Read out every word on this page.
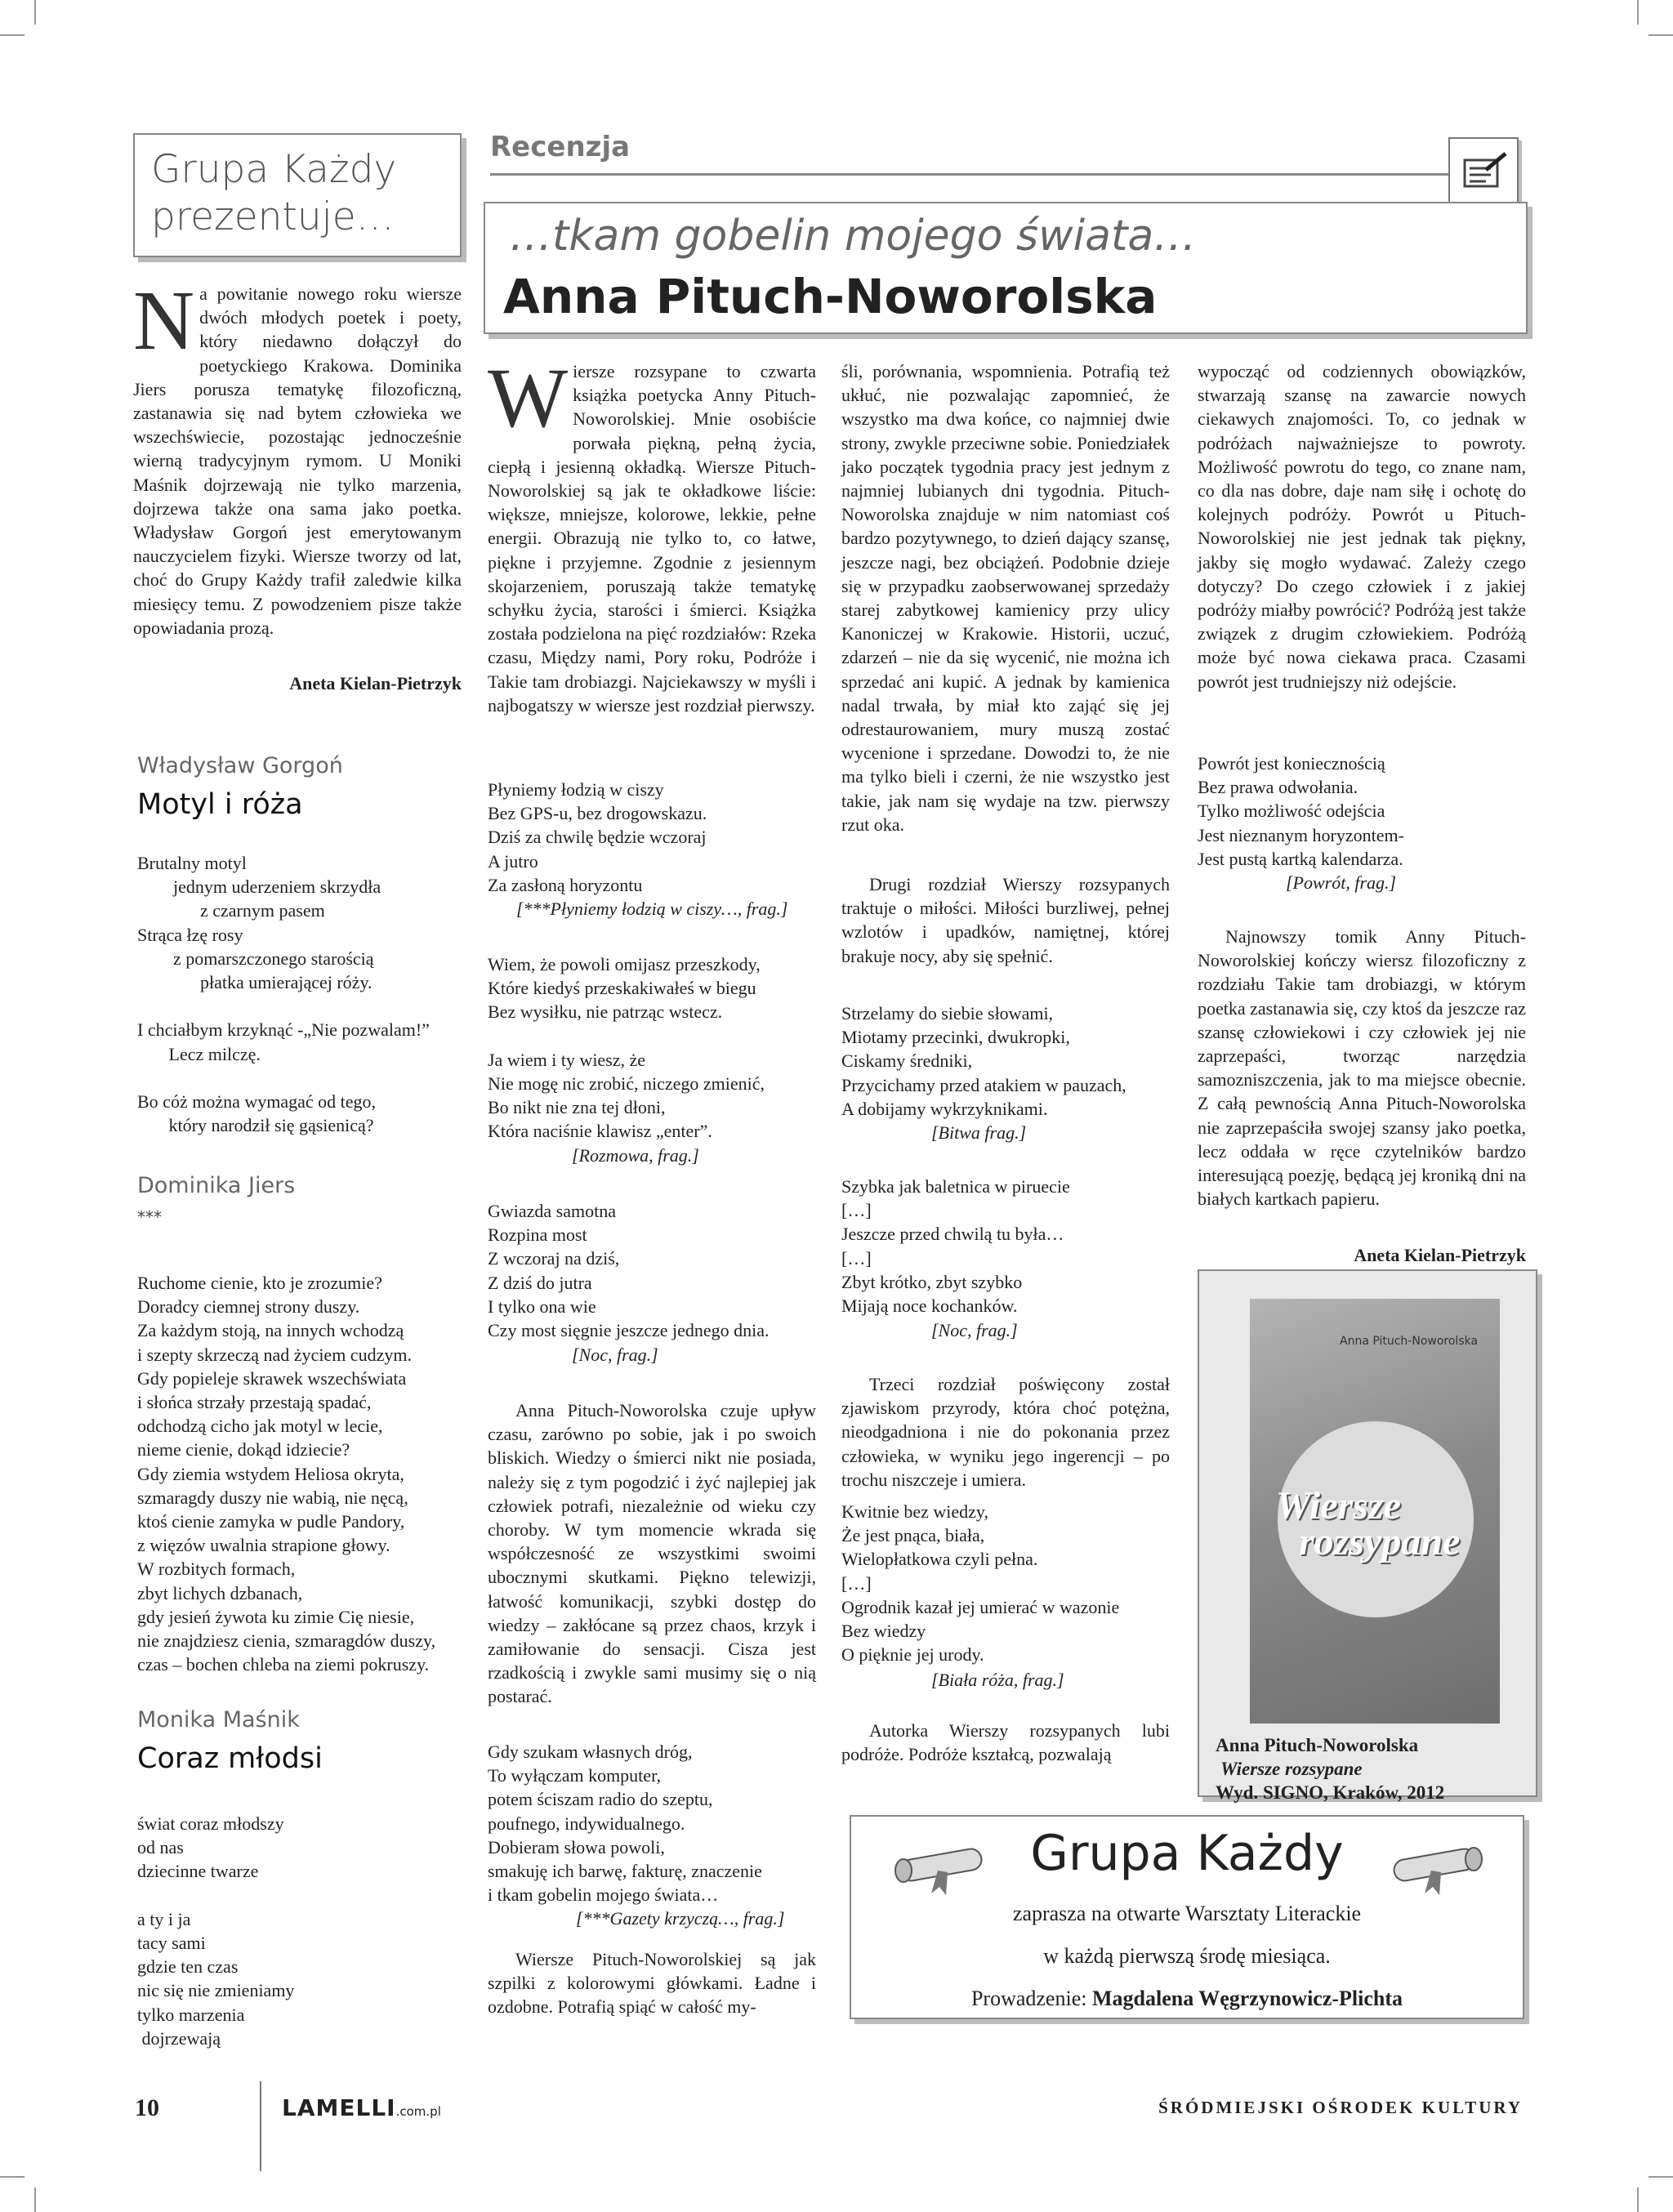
Grupa Każdy prezentuje…
N a powitanie nowego roku wiersze dwóch młodych poetek i poety, który niedawno dołączył do poetyckiego Krakowa. Dominika Jiers porusza tematykę filozoficzną, zastanawia się nad bytem człowieka we wszechświecie, pozostając jednocześnie wierną tradycyjnym rymom. U Moniki Maśnik dojrzewają nie tylko marzenia, dojrzewa także ona sama jako poetka. Władysław Gorgoń jest emerytowanym nauczycielem fizyki. Wiersze tworzy od lat, choć do Grupy Każdy trafił zaledwie kilka miesięcy temu. Z powodzeniem pisze także opowiadania prozą.
Aneta Kielan-Pietrzyk
Władysław Gorgoń
Motyl i róża
Brutalny motyl
jednym uderzeniem skrzydła
z czarnym pasem
Strąca łzę rosy
z pomarszczonego starością
płatka umierającej róży.

I chciałbym krzyknąć -„Nie pozwalam!”
Lecz milczę.

Bo cóż można wymagać od tego,
który narodził się gąsienicą?
Dominika Jiers
***
Ruchome cienie, kto je zrozumie?
Doradcy ciemnej strony duszy.
Za każdym stoją, na innych wchodzą
i szepty skrzeczą nad życiem cudzym.
Gdy popieleje skrawek wszechświata
i słońca strzały przestają spadać,
odchodzą cicho jak motyl w lecie,
nieme cienie, dokąd idziecie?
Gdy ziemia wstydem Heliosa okryta,
szmaragdy duszy nie wabią, nie nęcą,
ktoś cienie zamyka w pudle Pandory,
z więzów uwalnia strapione głowy.
W rozbitych formach,
zbyt lichych dzbanach,
gdy jesień żywota ku zimie Cię niesie,
nie znajdziesz cienia, szmaragdów duszy,
czas – bochen chleba na ziemi pokruszy.
Monika Maśnik
Coraz młodsi
świat coraz młodszy
od nas
dziecinne twarze

a ty i ja
tacy sami
gdzie ten czas
nic się nie zmieniamy
tylko marzenia
dojrzewają
Recenzja
…tkam gobelin mojego świata…
Anna Pituch-Noworolska
W iersze rozsypane to czwarta książka poetycka Anny Pituch-Noworolskiej. Mnie osobiście porwała piękną, pełną życia, ciepłą i jesienną okładką. Wiersze Pituch-Noworolskiej są jak te okładkowe liście: większe, mniejsze, kolorowe, lekkie, pełne energii. Obrazują nie tylko to, co łatwe, piękne i przyjemne. Zgodnie z jesiennym skojarzeniem, poruszają także tematykę schyłku życia, starości i śmierci. Książka została podzielona na pięć rozdziałów: Rzeka czasu, Między nami, Pory roku, Podróże i Takie tam drobiazgi. Najciekawszy w myśli i najbogatszy w wiersze jest rozdział pierwszy.
Płyniemy łodzią w ciszy
Bez GPS-u, bez drogowskazu.
Dziś za chwilę będzie wczoraj
A jutro
Za zasłoną horyzontu
[***Płyniemy łodzią w ciszy…, frag.]
Wiem, że powoli omijasz przeszkody,
Które kiedyś przeskakiwałeś w biegu
Bez wysiłku, nie patrząc wstecz.

Ja wiem i ty wiesz, że
Nie mogę nic zrobić, niczego zmienić,
Bo nikt nie zna tej dłoni,
Która naciśnie klawisz „enter”.
[Rozmowa, frag.]
Gwiazda samotna
Rozpina most
Z wczoraj na dziś,
Z dziś do jutra
I tylko ona wie
Czy most sięgnie jeszcze jednego dnia.
[Noc, frag.]
Anna Pituch-Noworolska czuje upływ czasu, zarówno po sobie, jak i po swoich bliskich. Wiedzy o śmierci nikt nie posiada, należy się z tym pogodzić i żyć najlepiej jak człowiek potrafi, niezależnie od wieku czy choroby. W tym momencie wkrada się współczesność ze wszystkimi swoimi ubocznymi skutkami. Piękno telewizji, łatwość komunikacji, szybki dostęp do wiedzy – zakłócane są przez chaos, krzyk i zamiłowanie do sensacji. Cisza jest rzadkością i zwykle sami musimy się o nią postarać.
Gdy szukam własnych dróg,
To wyłączam komputer,
potem ściszam radio do szeptu,
poufnego, indywidualnego.
Dobieram słowa powoli,
smakuję ich barwę, fakturę, znaczenie
i tkam gobelin mojego świata…
[***Gazety krzyczą…, frag.]
Wiersze Pituch-Noworolskiej są jak szpilki z kolorowymi główkami. Ładne i ozdobne. Potrafią spiąć w całość my-
śli, porównania, wspomnienia. Potrafią też ukłuć, nie pozwalając zapomnieć, że wszystko ma dwa końce, co najmniej dwie strony, zwykle przeciwne sobie. Poniedziałek jako początek tygodnia pracy jest jednym z najmniej lubianych dni tygodnia. Pituch-Noworolska znajduje w nim natomiast coś bardzo pozytywnego, to dzień dający szansę, jeszcze nagi, bez obciążeń. Podobnie dzieje się w przypadku zaobserwowanej sprzedaży starej zabytkowej kamienicy przy ulicy Kanoniczej w Krakowie. Historii, uczuć, zdarzeń – nie da się wycenić, nie można ich sprzedać ani kupić. A jednak by kamienica nadal trwała, by miał kto zająć się jej odrestaurowaniem, mury muszą zostać wycenione i sprzedane. Dowodzi to, że nie ma tylko bieli i czerni, że nie wszystko jest takie, jak nam się wydaje na tzw. pierwszy rzut oka.
Drugi rozdział Wierszy rozsypanych traktuje o miłości. Miłości burzliwej, pełnej wzlotów i upadków, namiętnej, której brakuje nocy, aby się spełnić.
Strzelamy do siebie słowami,
Miotamy przecinki, dwukropki,
Ciskamy średniki,
Przycichamy przed atakiem w pauzach,
A dobijamy wykrzyknikami.
[Bitwa frag.]
Szybka jak baletnica w piruecie
[…]
Jeszcze przed chwilą tu była…
[…]
Zbyt krótko, zbyt szybko
Mijają noce kochanków.
[Noc, frag.]
Trzeci rozdział poświęcony został zjawiskom przyrody, która choć potężna, nieodgadniona i nie do pokonania przez człowieka, w wyniku jego ingerencji – po trochu niszczeje i umiera.
Kwitnie bez wiedzy,
Że jest pnąca, biała,
Wielopłatkowa czyli pełna.
[…]
Ogrodnik kazał jej umierać w wazonie
Bez wiedzy
O pięknie jej urody.
[Biała róża, frag.]
Autorka Wierszy rozsypanych lubi podróże. Podróże kształcą, pozwalają
wypocząć od codziennych obowiązków, stwarzają szansę na zawarcie nowych ciekawych znajomości. To, co jednak w podróżach najważniejsze to powroty. Możliwość powrotu do tego, co znane nam, co dla nas dobre, daje nam siłę i ochotę do kolejnych podróży. Powrót u Pituch-Noworolskiej nie jest jednak tak piękny, jakby się mogło wydawać. Zależy czego dotyczy? Do czego człowiek i z jakiej podróży miałby powrócić? Podróżą jest także związek z drugim człowiekiem. Podróżą może być nowa ciekawa praca. Czasami powrót jest trudniejszy niż odejście.
Powrót jest koniecznością
Bez prawa odwołania.
Tylko możliwość odejścia
Jest nieznanym horyzontem-
Jest pustą kartką kalendarza.
[Powrót, frag.]
Najnowszy tomik Anny Pituch-Noworolskiej kończy wiersz filozoficzny z rozdziału Takie tam drobiazgi, w którym poetka zastanawia się, czy ktoś da jeszcze raz szansę człowiekowi i czy człowiek jej nie zaprzepaści, tworząc narzędzia samozniszczenia, jak to ma miejsce obecnie. Z całą pewnością Anna Pituch-Noworolska nie zaprzepaściła swojej szansy jako poetka, lecz oddała w ręce czytelników bardzo interesującą poezję, będącą jej kroniką dni na białych kartkach papieru.
Aneta Kielan-Pietrzyk
Anna Pituch-Noworolska
Wiersze
rozsypane
Anna Pituch-Noworolska
Wiersze rozsypane
Wyd. SIGNO, Kraków, 2012
Grupa Każdy
zaprasza na otwarte Warsztaty Literackie
w każdą pierwszą środę miesiąca.
Prowadzenie: Magdalena Węgrzynowicz-Plichta
10	LAMELLI.com.pl	ŚRÓDMIEJSKI OŚRODEK KULTURY
